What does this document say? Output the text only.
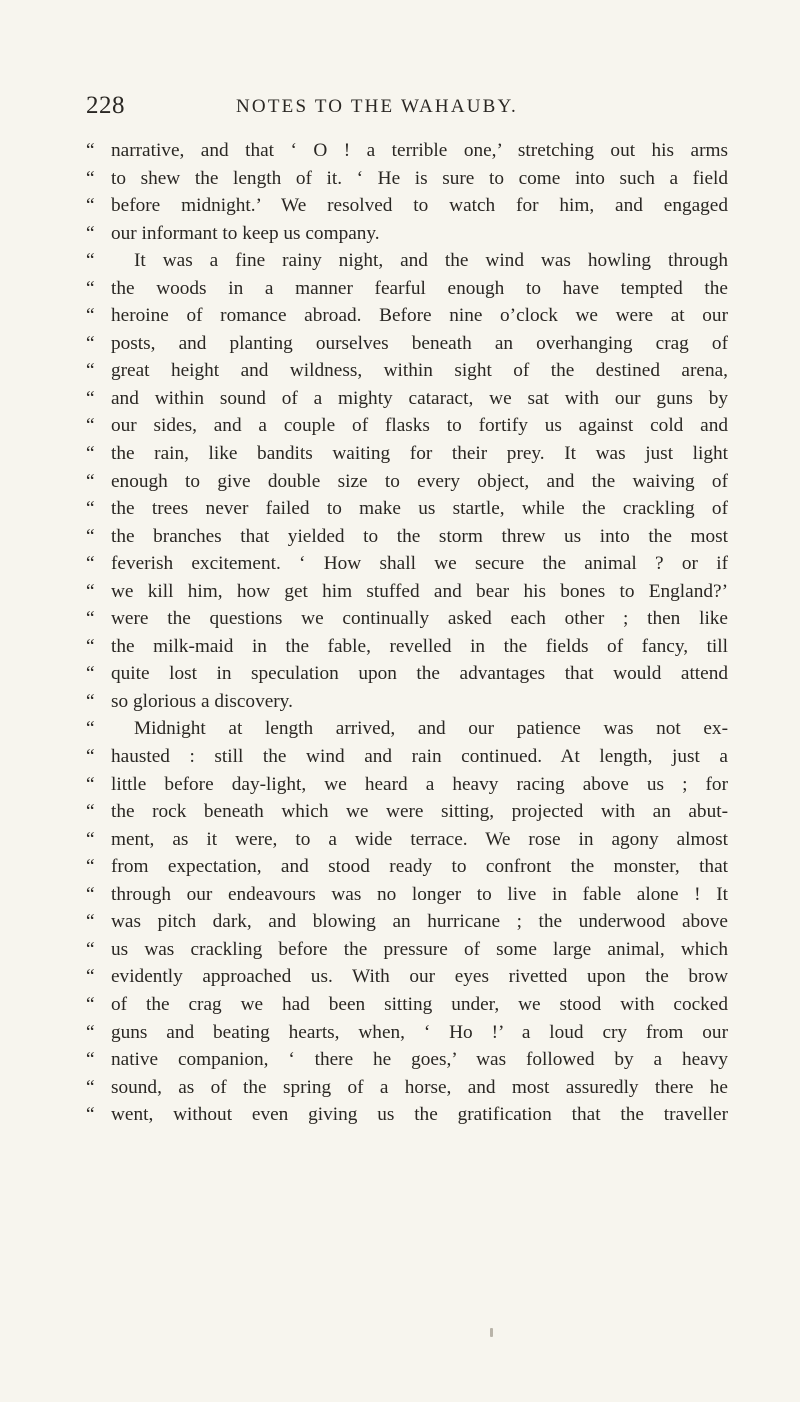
228	NOTES TO THE WAHAUBY.
“ narrative, and that ‘ O ! a terrible one,’ stretching out his arms
“ to shew the length of it. ‘ He is sure to come into such a field
“ before midnight.’ We resolved to watch for him, and engaged
“ our informant to keep us company.
“	It was a fine rainy night, and the wind was howling through
“ the woods in a manner fearful enough to have tempted the
“ heroine of romance abroad. Before nine o’clock we were at our
“ posts, and planting ourselves beneath an overhanging crag of
“ great height and wildness, within sight of the destined arena,
“ and within sound of a mighty cataract, we sat with our guns by
“ our sides, and a couple of flasks to fortify us against cold and
“ the rain, like bandits waiting for their prey. It was just light
“ enough to give double size to every object, and the waiving of
“ the trees never failed to make us startle, while the crackling of
“ the branches that yielded to the storm threw us into the most
“ feverish excitement. ‘ How shall we secure the animal ? or if
“ we kill him, how get him stuffed and bear his bones to England?’
“ were the questions we continually asked each other ; then like
“ the milk-maid in the fable, revelled in the fields of fancy, till
“ quite lost in speculation upon the advantages that would attend
“ so glorious a discovery.
“	Midnight at length arrived, and our patience was not ex-
“ hausted : still the wind and rain continued. At length, just a
“ little before day-light, we heard a heavy racing above us ; for
“ the rock beneath which we were sitting, projected with an abut-
“ ment, as it were, to a wide terrace. We rose in agony almost
“ from expectation, and stood ready to confront the monster, that
“ through our endeavours was no longer to live in fable alone ! It
“ was pitch dark, and blowing an hurricane ; the underwood above
“ us was crackling before the pressure of some large animal, which
“ evidently approached us. With our eyes rivetted upon the brow
“ of the crag we had been sitting under, we stood with cocked
“ guns and beating hearts, when, ‘ Ho !’ a loud cry from our
“ native companion, ‘ there he goes,’ was followed by a heavy
“ sound, as of the spring of a horse, and most assuredly there he
“ went, without even giving us the gratification that the traveller
